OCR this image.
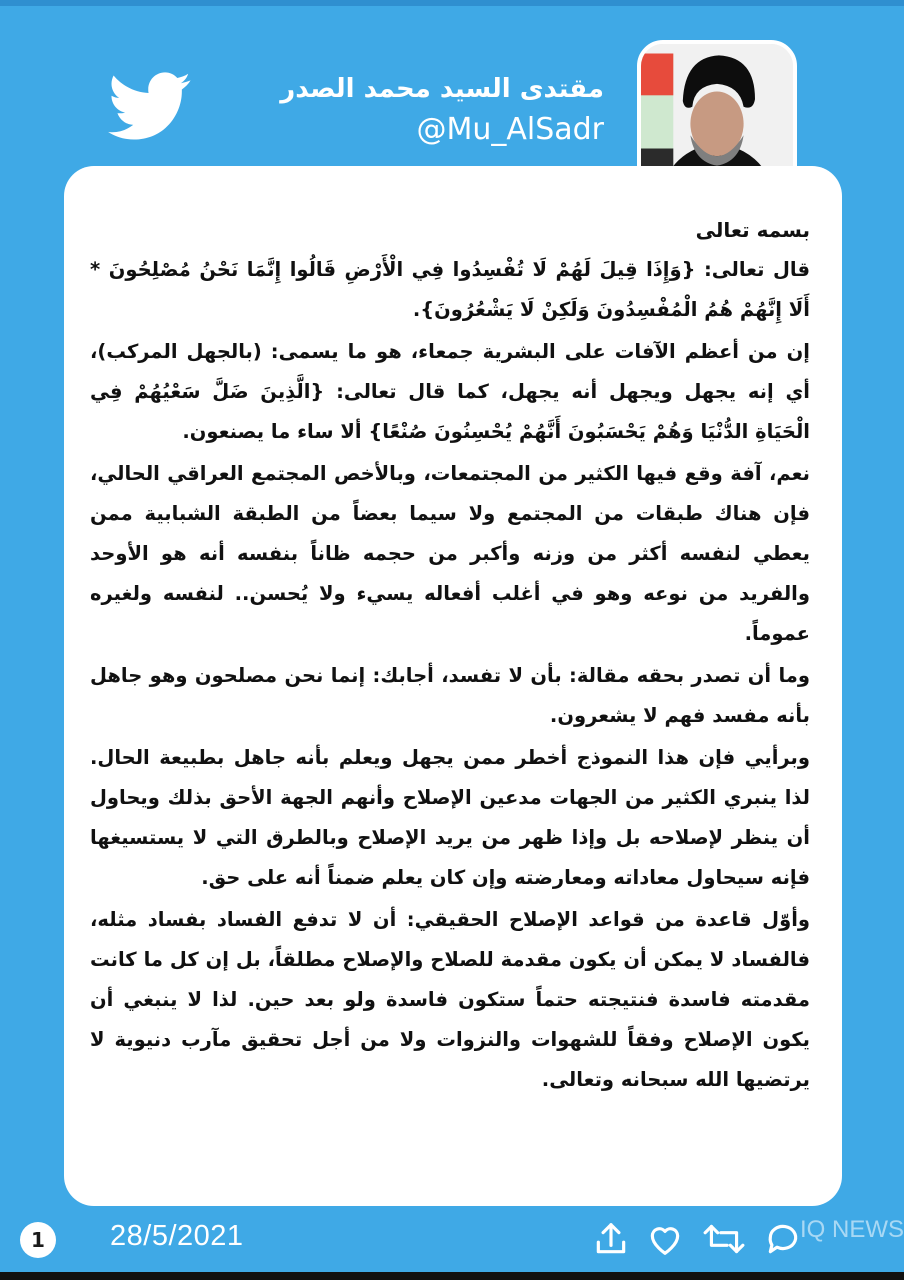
مقتدى السيد محمد الصدر
@Mu_AlSadr

بسمه تعالى

قال تعالى: {وَإِذَا قِيلَ لَهُمْ لَا تُفْسِدُوا فِي الْأَرْضِ قَالُوا إِنَّمَا نَحْنُ مُصْلِحُونَ * أَلَا إِنَّهُمْ هُمُ الْمُفْسِدُونَ وَلَكِنْ لَا يَشْعُرُونَ}.

إن من أعظم الآفات على البشرية جمعاء، هو ما يسمى: (بالجهل المركب)، أي إنه يجهل ويجهل أنه يجهل، كما قال تعالى: {الَّذِينَ ضَلَّ سَعْيُهُمْ فِي الْحَيَاةِ الدُّنْيَا وَهُمْ يَحْسَبُونَ أَنَّهُمْ يُحْسِنُونَ صُنْعًا} ألا ساء ما يصنعون.

نعم، آفة وقع فيها الكثير من المجتمعات، وبالأخص المجتمع العراقي الحالي، فإن هناك طبقات من المجتمع ولا سيما بعضاً من الطبقة الشبابية ممن يعطي لنفسه أكثر من وزنه وأكبر من حجمه ظاناً بنفسه أنه هو الأوحد والفريد من نوعه وهو في أغلب أفعاله يسيء ولا يُحسن.. لنفسه ولغيره عموماً.

وما أن تصدر بحقه مقالة: بأن لا تفسد، أجابك: إنما نحن مصلحون وهو جاهل بأنه مفسد فهم لا يشعرون.

وبرأيي فإن هذا النموذج أخطر ممن يجهل ويعلم بأنه جاهل بطبيعة الحال. لذا ينبري الكثير من الجهات مدعين الإصلاح وأنهم الجهة الأحق بذلك ويحاول أن ينظر لإصلاحه بل وإذا ظهر من يريد الإصلاح وبالطرق التي لا يستسيغها فإنه سيحاول معاداته ومعارضته وإن كان يعلم ضمناً أنه على حق.

وأوّل قاعدة من قواعد الإصلاح الحقيقي: أن لا تدفع الفساد بفساد مثله، فالفساد لا يمكن أن يكون مقدمة للصلاح والإصلاح مطلقاً، بل إن كل ما كانت مقدمته فاسدة فنتيجته حتماً ستكون فاسدة ولو بعد حين. لذا لا ينبغي أن يكون الإصلاح وفقاً للشهوات والنزوات ولا من أجل تحقيق مآرب دنيوية لا يرتضيها الله سبحانه وتعالى.

1	28/5/2021	IQ NEWS
